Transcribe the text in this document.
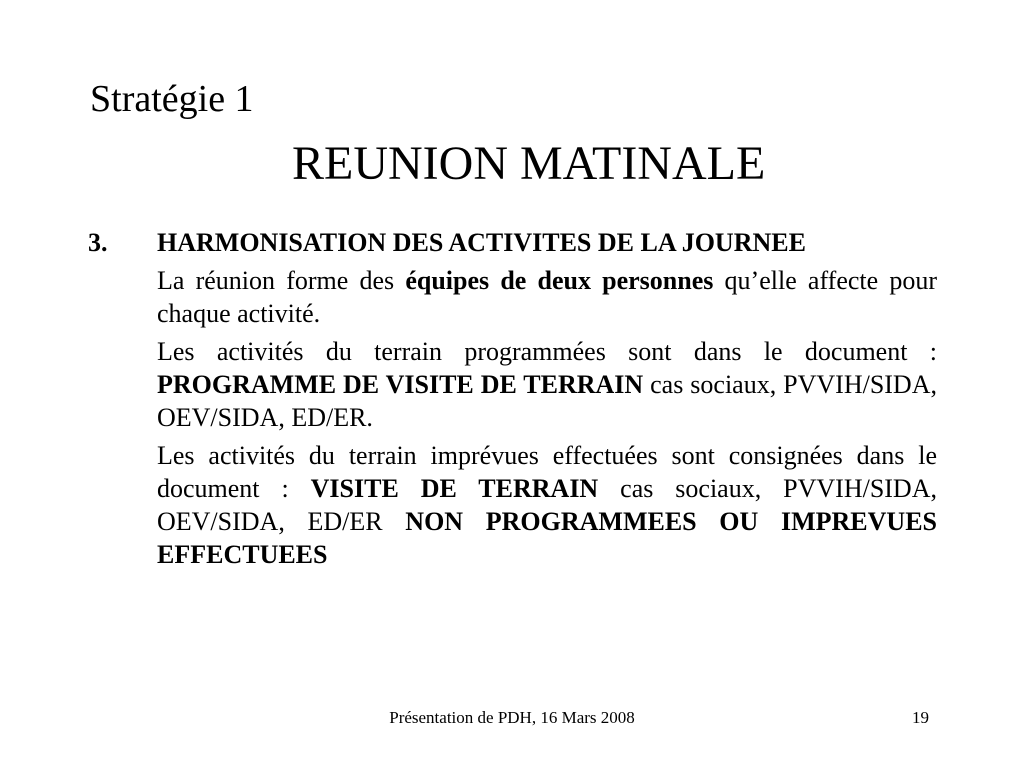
Stratégie 1
REUNION MATINALE
3. HARMONISATION DES ACTIVITES DE LA JOURNEE
La réunion forme des équipes de deux personnes qu’elle affecte pour chaque activité.
Les activités du terrain programmées sont dans le document : PROGRAMME DE VISITE DE TERRAIN cas sociaux, PVVIH/SIDA, OEV/SIDA, ED/ER.
Les activités du terrain imprévues effectuées sont consignées dans le document : VISITE DE TERRAIN cas sociaux, PVVIH/SIDA, OEV/SIDA, ED/ER NON PROGRAMMEES OU IMPREVUES EFFECTUEES
Présentation de PDH, 16 Mars 2008	19
